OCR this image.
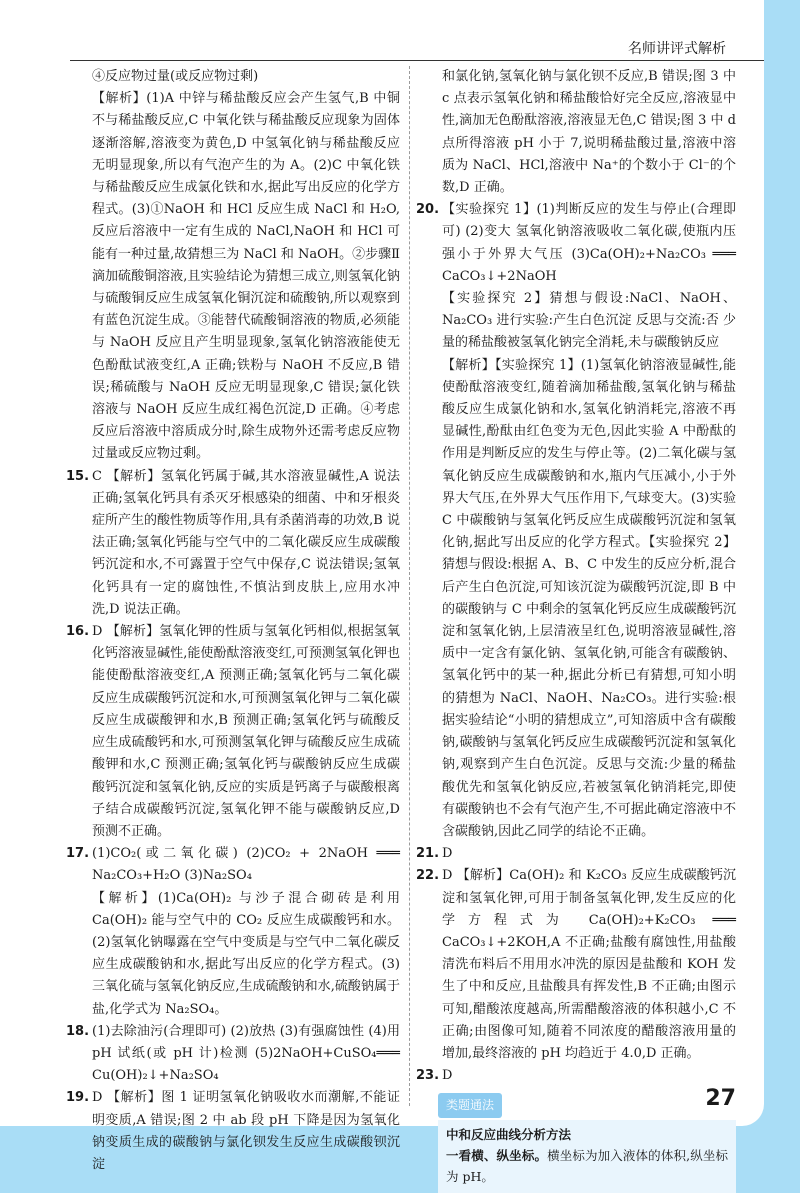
名师讲评式解析

④反应物过量(或反应物过剩)

【解析】(1)A 中锌与稀盐酸反应会产生氢气,B 中铜不与稀盐酸反应,C 中氧化铁与稀盐酸反应现象为固体逐渐溶解,溶液变为黄色,D 中氢氧化钠与稀盐酸反应无明显现象,所以有气泡产生的为 A。(2)C 中氧化铁与稀盐酸反应生成氯化铁和水,据此写出反应的化学方程式。(3)①NaOH 和 HCl 反应生成 NaCl 和 H₂O,反应后溶液中一定有生成的 NaCl,NaOH 和 HCl 可能有一种过量,故猜想三为 NaCl 和 NaOH。②步骤Ⅱ滴加硫酸铜溶液,且实验结论为猜想三成立,则氢氧化钠与硫酸铜反应生成氢氧化铜沉淀和硫酸钠,所以观察到有蓝色沉淀生成。③能替代硫酸铜溶液的物质,必须能与 NaOH 反应且产生明显现象,氢氧化钠溶液能使无色酚酞试液变红,A 正确;铁粉与 NaOH 不反应,B 错误;稀硫酸与 NaOH 反应无明显现象,C 错误;氯化铁溶液与 NaOH 反应生成红褐色沉淀,D 正确。④考虑反应后溶液中溶质成分时,除生成物外还需考虑反应物过量或反应物过剩。

15. C 【解析】氢氧化钙属于碱,其水溶液显碱性,A 说法正确;氢氧化钙具有杀灭牙根感染的细菌、中和牙根炎症所产生的酸性物质等作用,具有杀菌消毒的功效,B 说法正确;氢氧化钙能与空气中的二氧化碳反应生成碳酸钙沉淀和水,不可露置于空气中保存,C 说法错误;氢氧化钙具有一定的腐蚀性,不慎沾到皮肤上,应用水冲洗,D 说法正确。

16. D 【解析】氢氧化钾的性质与氢氧化钙相似,根据氢氧化钙溶液显碱性,能使酚酞溶液变红,可预测氢氧化钾也能使酚酞溶液变红,A 预测正确;氢氧化钙与二氧化碳反应生成碳酸钙沉淀和水,可预测氢氧化钾与二氧化碳反应生成碳酸钾和水,B 预测正确;氢氧化钙与硫酸反应生成硫酸钙和水,可预测氢氧化钾与硫酸反应生成硫酸钾和水,C 预测正确;氢氧化钙与碳酸钠反应生成碳酸钙沉淀和氢氧化钠,反应的实质是钙离子与碳酸根离子结合成碳酸钙沉淀,氢氧化钾不能与碳酸钠反应,D 预测不正确。

17. (1)CO₂(或二氧化碳) (2)CO₂ + 2NaOH ═══ Na₂CO₃+H₂O (3)Na₂SO₄

【解析】(1)Ca(OH)₂ 与沙子混合砌砖是利用 Ca(OH)₂ 能与空气中的 CO₂ 反应生成碳酸钙和水。(2)氢氧化钠曝露在空气中变质是与空气中二氧化碳反应生成碳酸钠和水,据此写出反应的化学方程式。(3)三氧化硫与氢氧化钠反应,生成硫酸钠和水,硫酸钠属于盐,化学式为 Na₂SO₄。

18. (1)去除油污(合理即可) (2)放热 (3)有强腐蚀性 (4)用 pH 试纸(或 pH 计)检测 (5)2NaOH+CuSO₄═══ Cu(OH)₂↓+Na₂SO₄

19. D 【解析】图 1 证明氢氧化钠吸收水而潮解,不能证明变质,A 错误;图 2 中 ab 段 pH 下降是因为氢氧化钠变质生成的碳酸钠与氯化钡发生反应生成碳酸钡沉淀

和氯化钠,氢氧化钠与氯化钡不反应,B 错误;图 3 中 c 点表示氢氧化钠和稀盐酸恰好完全反应,溶液显中性,滴加无色酚酞溶液,溶液显无色,C 错误;图 3 中 d 点所得溶液 pH 小于 7,说明稀盐酸过量,溶液中溶质为 NaCl、HCl,溶液中 Na⁺的个数小于 Cl⁻的个数,D 正确。

20. 【实验探究 1】(1)判断反应的发生与停止(合理即可) (2)变大 氢氧化钠溶液吸收二氧化碳,使瓶内压强小于外界大气压 (3)Ca(OH)₂+Na₂CO₃ ═══ CaCO₃↓+2NaOH

【实验探究 2】猜想与假设:NaCl、NaOH、Na₂CO₃ 进行实验:产生白色沉淀 反思与交流:否 少量的稀盐酸被氢氧化钠完全消耗,未与碳酸钠反应

【解析】【实验探究 1】(1)氢氧化钠溶液显碱性,能使酚酞溶液变红,随着滴加稀盐酸,氢氧化钠与稀盐酸反应生成氯化钠和水,氢氧化钠消耗完,溶液不再显碱性,酚酞由红色变为无色,因此实验 A 中酚酞的作用是判断反应的发生与停止等。(2)二氧化碳与氢氧化钠反应生成碳酸钠和水,瓶内气压减小,小于外界大气压,在外界大气压作用下,气球变大。(3)实验 C 中碳酸钠与氢氧化钙反应生成碳酸钙沉淀和氢氧化钠,据此写出反应的化学方程式。【实验探究 2】猜想与假设:根据 A、B、C 中发生的反应分析,混合后产生白色沉淀,可知该沉淀为碳酸钙沉淀,即 B 中的碳酸钠与 C 中剩余的氢氧化钙反应生成碳酸钙沉淀和氢氧化钠,上层清液呈红色,说明溶液显碱性,溶质中一定含有氯化钠、氢氧化钠,可能含有碳酸钠、氢氧化钙中的某一种,据此分析已有猜想,可知小明的猜想为 NaCl、NaOH、Na₂CO₃。进行实验:根据实验结论“小明的猜想成立”,可知溶质中含有碳酸钠,碳酸钠与氢氧化钙反应生成碳酸钙沉淀和氢氧化钠,观察到产生白色沉淀。反思与交流:少量的稀盐酸优先和氢氧化钠反应,若被氢氧化钠消耗完,即使有碳酸钠也不会有气泡产生,不可据此确定溶液中不含碳酸钠,因此乙同学的结论不正确。

21. D

22. D 【解析】Ca(OH)₂ 和 K₂CO₃ 反应生成碳酸钙沉淀和氢氧化钾,可用于制备氢氧化钾,发生反应的化学方程式为 Ca(OH)₂+K₂CO₃ ═══ CaCO₃↓+2KOH,A 不正确;盐酸有腐蚀性,用盐酸清洗布料后不用用水冲洗的原因是盐酸和 KOH 发生了中和反应,且盐酸具有挥发性,B 不正确;由图示可知,醋酸浓度越高,所需醋酸溶液的体积越小,C 不正确;由图像可知,随着不同浓度的醋酸溶液用量的增加,最终溶液的 pH 均趋近于 4.0,D 正确。

23. D

类题通法

中和反应曲线分析方法

一看横、纵坐标。横坐标为加入液体的体积,纵坐标为 pH。

27
